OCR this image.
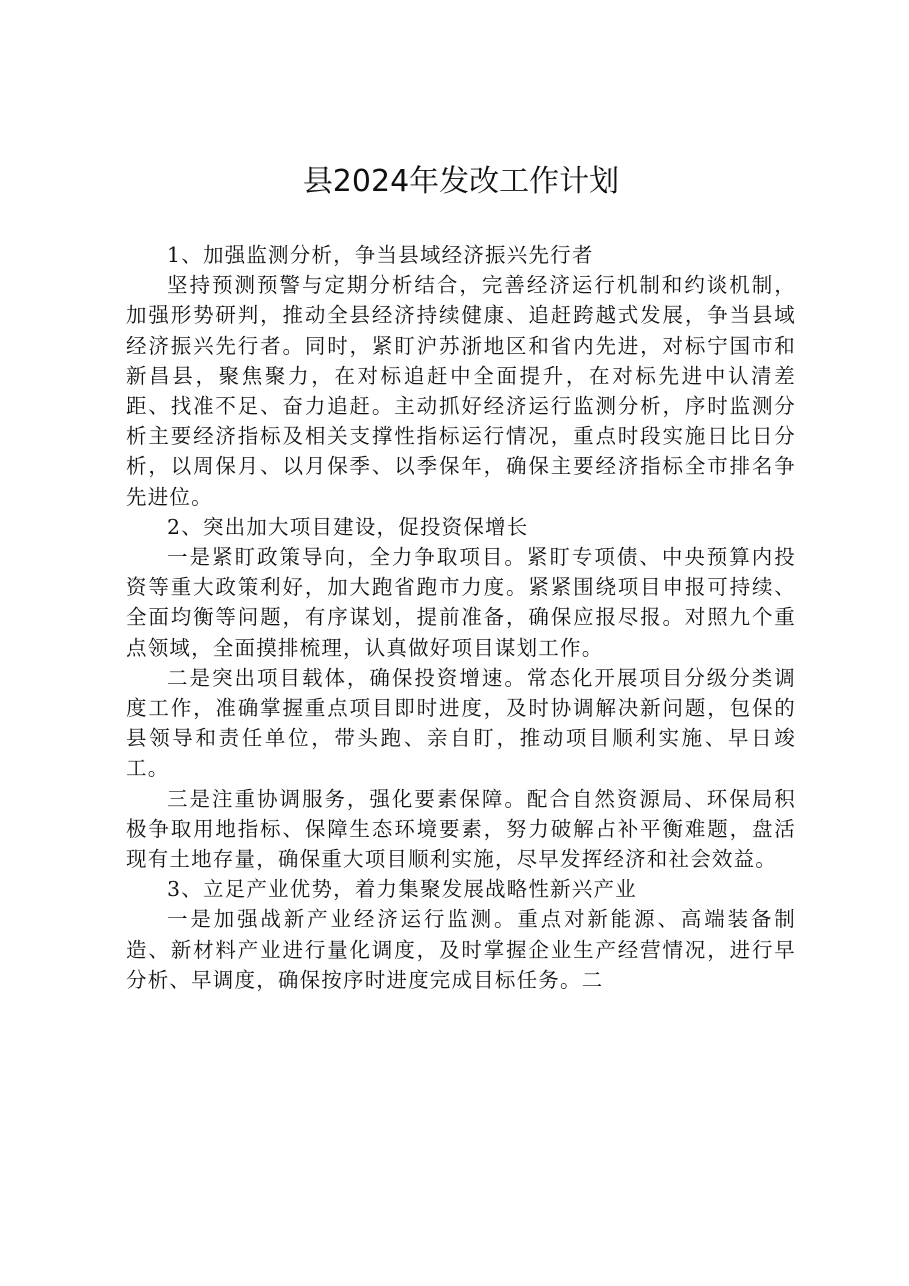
县2024年发改工作计划

1、加强监测分析，争当县域经济振兴先行者

坚持预测预警与定期分析结合，完善经济运行机制和约谈机制，加强形势研判，推动全县经济持续健康、追赶跨越式发展，争当县域经济振兴先行者。同时，紧盯沪苏浙地区和省内先进，对标宁国市和新昌县，聚焦聚力，在对标追赶中全面提升，在对标先进中认清差距、找准不足、奋力追赶。主动抓好经济运行监测分析，序时监测分析主要经济指标及相关支撑性指标运行情况，重点时段实施日比日分析，以周保月、以月保季、以季保年，确保主要经济指标全市排名争先进位。

2、突出加大项目建设，促投资保增长

一是紧盯政策导向，全力争取项目。紧盯专项债、中央预算内投资等重大政策利好，加大跑省跑市力度。紧紧围绕项目申报可持续、全面均衡等问题，有序谋划，提前准备，确保应报尽报。对照九个重点领域，全面摸排梳理，认真做好项目谋划工作。

二是突出项目载体，确保投资增速。常态化开展项目分级分类调度工作，准确掌握重点项目即时进度，及时协调解决新问题，包保的县领导和责任单位，带头跑、亲自盯，推动项目顺利实施、早日竣工。

三是注重协调服务，强化要素保障。配合自然资源局、环保局积极争取用地指标、保障生态环境要素，努力破解占补平衡难题，盘活现有土地存量，确保重大项目顺利实施，尽早发挥经济和社会效益。

3、立足产业优势，着力集聚发展战略性新兴产业

一是加强战新产业经济运行监测。重点对新能源、高端装备制造、新材料产业进行量化调度，及时掌握企业生产经营情况，进行早分析、早调度，确保按序时进度完成目标任务。二
